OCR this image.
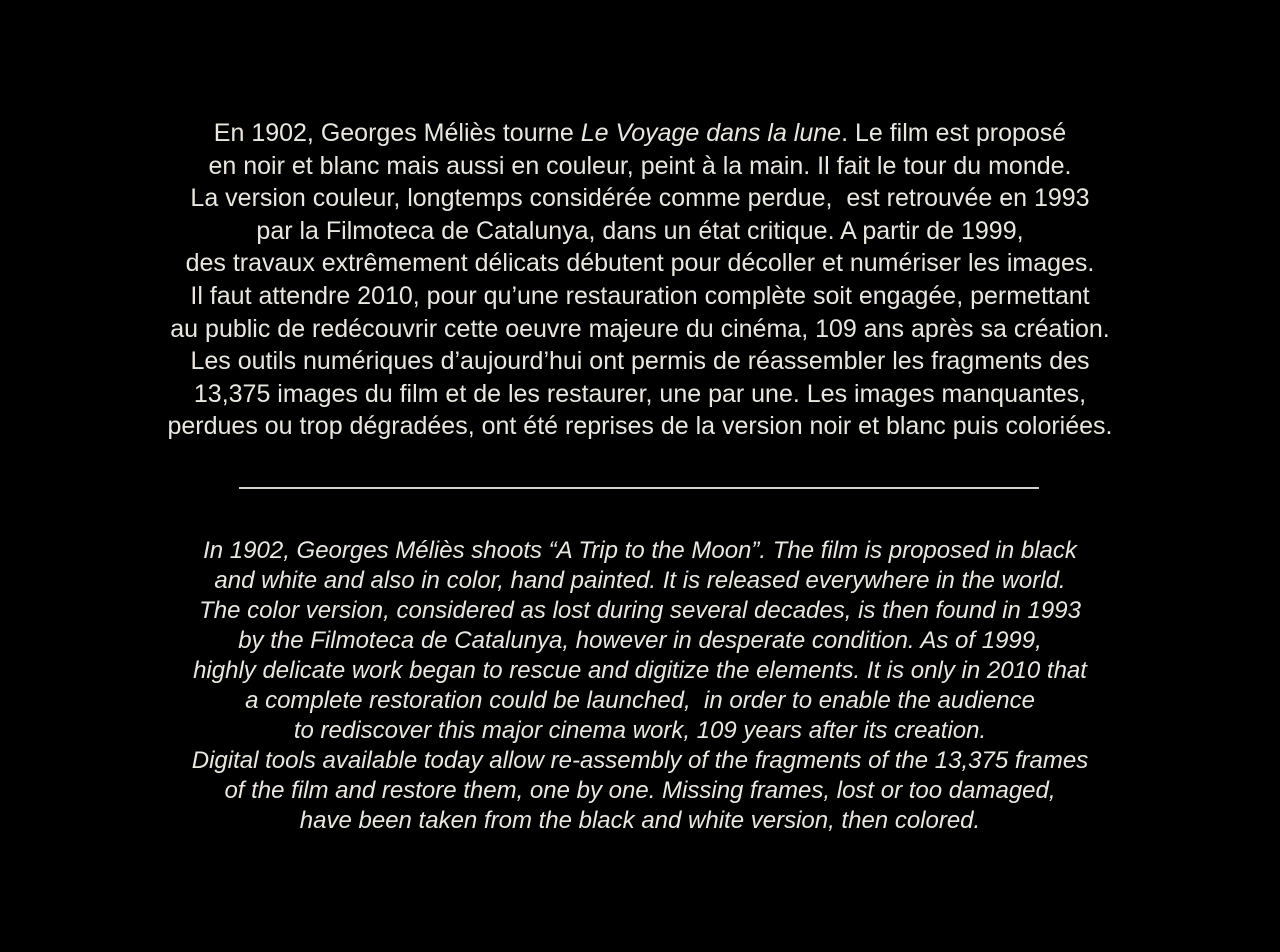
En 1902, Georges Méliès tourne Le Voyage dans la lune. Le film est proposé
en noir et blanc mais aussi en couleur, peint à la main. Il fait le tour du monde.
La version couleur, longtemps considérée comme perdue,  est retrouvée en 1993
par la Filmoteca de Catalunya, dans un état critique. A partir de 1999,
des travaux extrêmement délicats débutent pour décoller et numériser les images.
Il faut attendre 2010, pour qu’une restauration complète soit engagée, permettant
au public de redécouvrir cette oeuvre majeure du cinéma, 109 ans après sa création.
Les outils numériques d’aujourd’hui ont permis de réassembler les fragments des
13,375 images du film et de les restaurer, une par une. Les images manquantes,
perdues ou trop dégradées, ont été reprises de la version noir et blanc puis coloriées.
In 1902, Georges Méliès shoots “A Trip to the Moon”. The film is proposed in black
and white and also in color, hand painted. It is released everywhere in the world.
The color version, considered as lost during several decades, is then found in 1993
by the Filmoteca de Catalunya, however in desperate condition. As of 1999,
highly delicate work began to rescue and digitize the elements. It is only in 2010 that
a complete restoration could be launched,  in order to enable the audience
to rediscover this major cinema work, 109 years after its creation.
Digital tools available today allow re-assembly of the fragments of the 13,375 frames
of the film and restore them, one by one. Missing frames, lost or too damaged,
have been taken from the black and white version, then colored.
